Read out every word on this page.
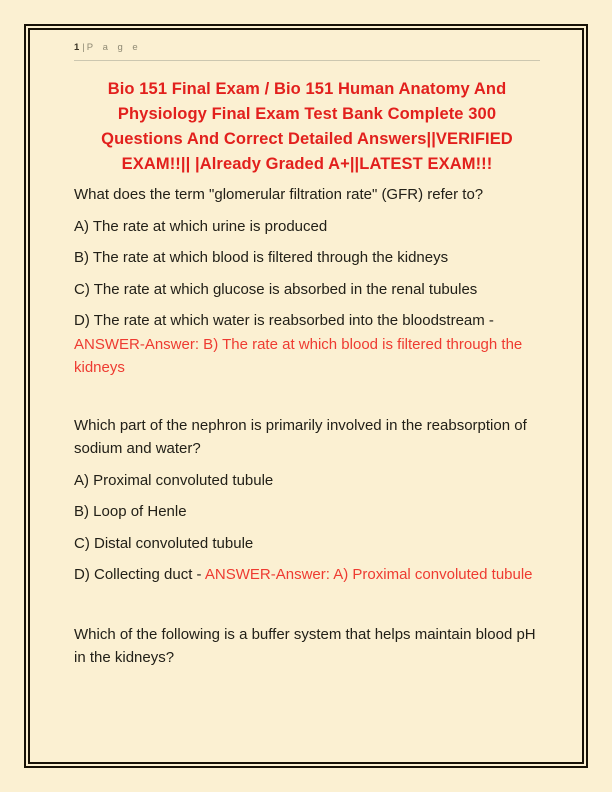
1 | P a g e
Bio 151 Final Exam / Bio 151 Human Anatomy And Physiology Final Exam Test Bank Complete 300 Questions And Correct Detailed Answers||VERIFIED EXAM!!|| |Already Graded A+||LATEST EXAM!!!

What does the term "glomerular filtration rate" (GFR) refer to?

A) The rate at which urine is produced

B) The rate at which blood is filtered through the kidneys

C) The rate at which glucose is absorbed in the renal tubules

D) The rate at which water is reabsorbed into the bloodstream - ANSWER-Answer: B) The rate at which blood is filtered through the kidneys

Which part of the nephron is primarily involved in the reabsorption of sodium and water?

A) Proximal convoluted tubule

B) Loop of Henle

C) Distal convoluted tubule

D) Collecting duct - ANSWER-Answer: A) Proximal convoluted tubule

Which of the following is a buffer system that helps maintain blood pH in the kidneys?
